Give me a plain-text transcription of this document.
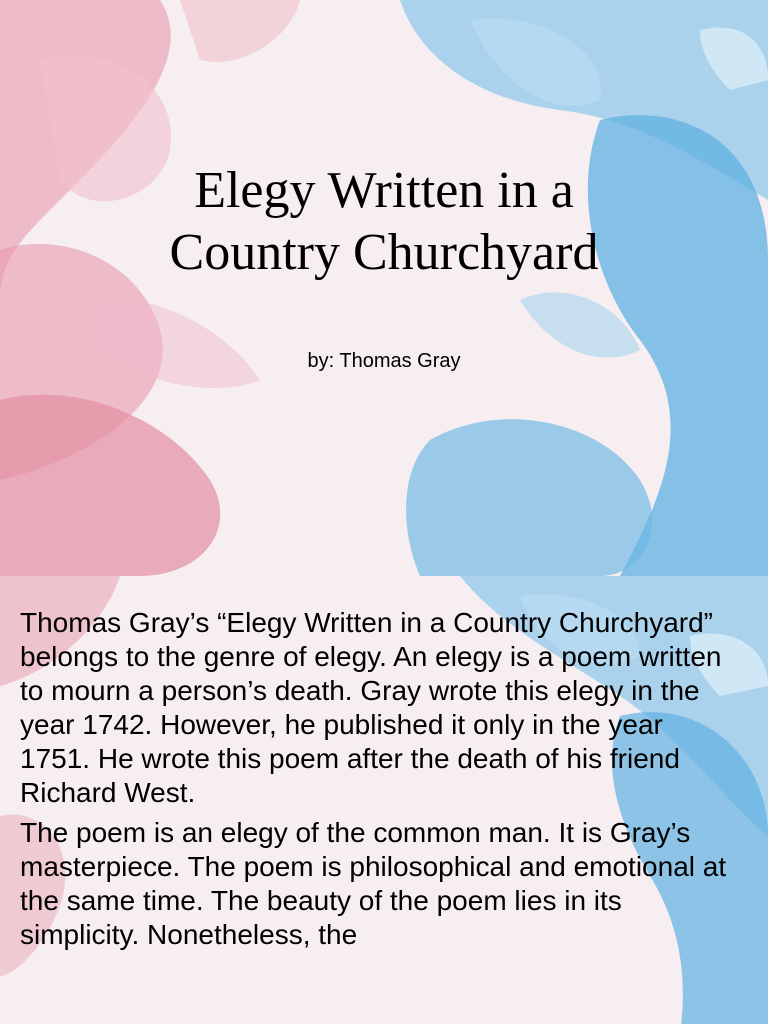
Elegy Written in a
Country Churchyard
by: Thomas Gray

Thomas Gray’s “Elegy Written in a Country Churchyard” belongs to the genre of elegy. An elegy is a poem written to mourn a person’s death. Gray wrote this elegy in the year 1742. However, he published it only in the year 1751. He wrote this poem after the death of his friend Richard West.

The poem is an elegy of the common man. It is Gray’s masterpiece. The poem is philosophical and emotional at the same time. The beauty of the poem lies in its simplicity. Nonetheless, the
